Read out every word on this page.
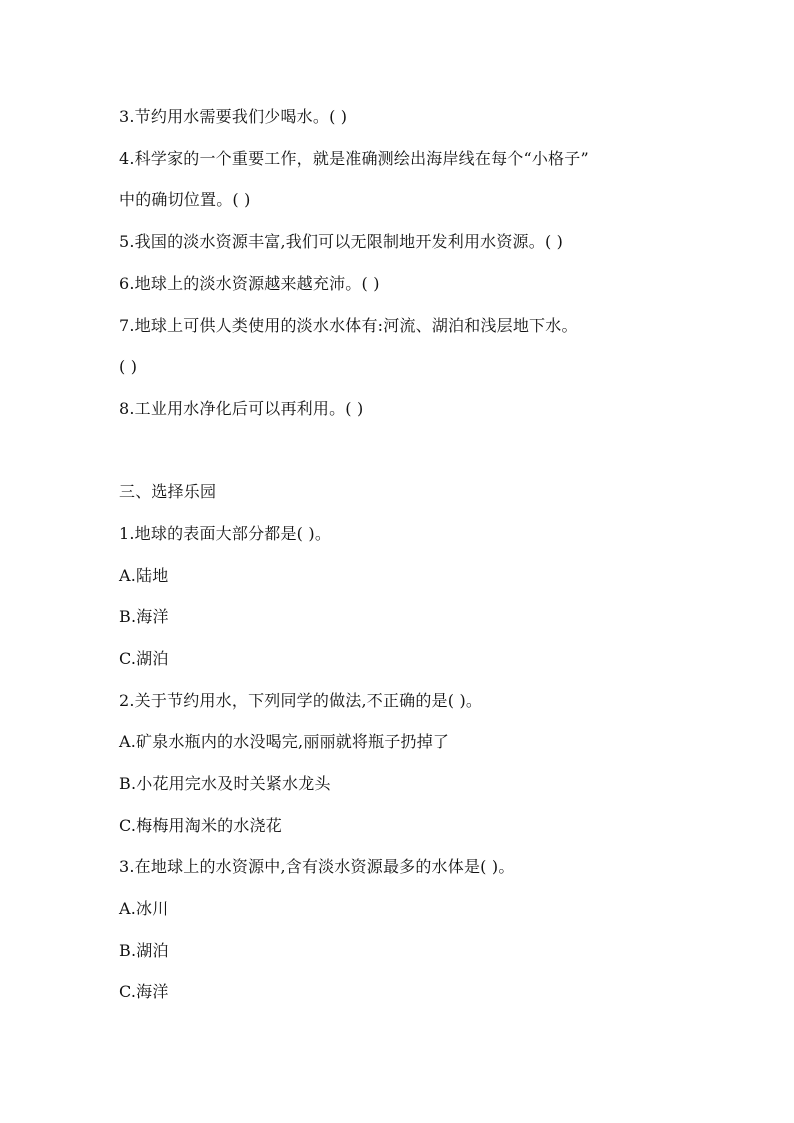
3.节约用水需要我们少喝水。( )
4.科学家的一个重要工作，就是准确测绘出海岸线在每个“小格子”
中的确切位置。( )
5.我国的淡水资源丰富,我们可以无限制地开发利用水资源。( )
6.地球上的淡水资源越来越充沛。( )
7.地球上可供人类使用的淡水水体有:河流、湖泊和浅层地下水。
( )
8.工业用水净化后可以再利用。( )
三、选择乐园
1.地球的表面大部分都是( )。
A.陆地
B.海洋
C.湖泊
2.关于节约用水，下列同学的做法,不正确的是( )。
A.矿泉水瓶内的水没喝完,丽丽就将瓶子扔掉了
B.小花用完水及时关紧水龙头
C.梅梅用淘米的水浇花
3.在地球上的水资源中,含有淡水资源最多的水体是( )。
A.冰川
B.湖泊
C.海洋
